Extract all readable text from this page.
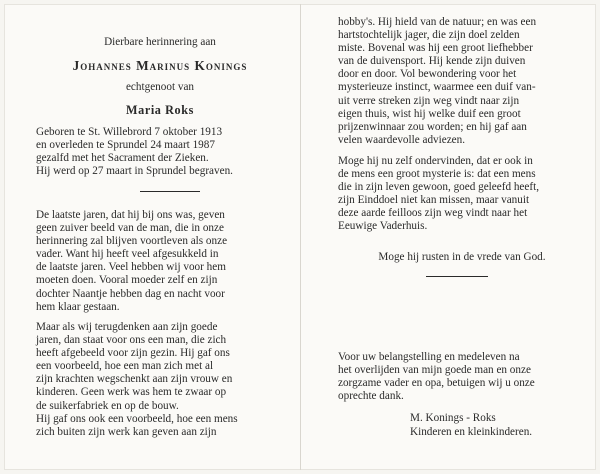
Dierbare herinnering aan
Johannes Marinus Konings
echtgenoot van
Maria Roks
Geboren te St. Willebrord 7 oktober 1913
en overleden te Sprundel 24 maart 1987
gezalfd met het Sacrament der Zieken.
Hij werd op 27 maart in Sprundel begraven.
De laatste jaren, dat hij bij ons was, geven
geen zuiver beeld van de man, die in onze
herinnering zal blijven voortleven als onze
vader. Want hij heeft veel afgesukkeld in
de laatste jaren. Veel hebben wij voor hem
moeten doen. Vooral moeder zelf en zijn
dochter Naantje hebben dag en nacht voor
hem klaar gestaan.
Maar als wij terugdenken aan zijn goede
jaren, dan staat voor ons een man, die zich
heeft afgebeeld voor zijn gezin. Hij gaf ons
een voorbeeld, hoe een man zich met al
zijn krachten wegschenkt aan zijn vrouw en
kinderen. Geen werk was hem te zwaar op
de suikerfabriek en op de bouw.
Hij gaf ons ook een voorbeeld, hoe een mens
zich buiten zijn werk kan geven aan zijn
hobby's. Hij hield van de natuur; en was een
hartstochtelijk jager, die zijn doel zelden
miste. Bovenal was hij een groot liefhebber
van de duivensport. Hij kende zijn duiven
door en door. Vol bewondering voor het
mysterieuze instinct, waarmee een duif van-
uit verre streken zijn weg vindt naar zijn
eigen thuis, wist hij welke duif een groot
prijzenwinnaar zou worden; en hij gaf aan
velen waardevolle adviezen.
Moge hij nu zelf ondervinden, dat er ook in
de mens een groot mysterie is: dat een mens
die in zijn leven gewoon, goed geleefd heeft,
zijn Einddoel niet kan missen, maar vanuit
deze aarde feilloos zijn weg vindt naar het
Eeuwige Vaderhuis.
Moge hij rusten in de vrede van God.
Voor uw belangstelling en medeleven na
het overlijden van mijn goede man en onze
zorgzame vader en opa, betuigen wij u onze
oprechte dank.
M. Konings - Roks
Kinderen en kleinkinderen.
